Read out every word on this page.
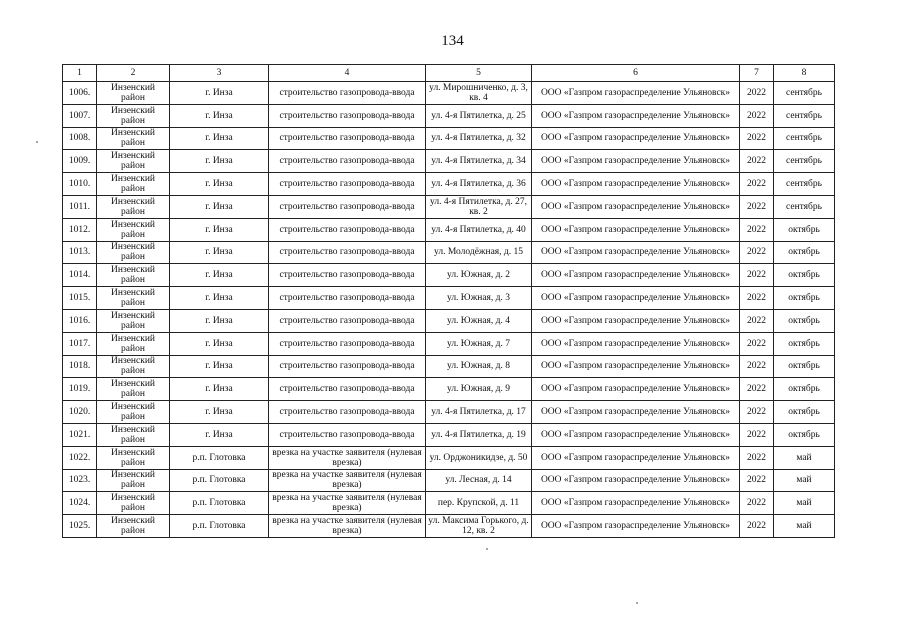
134
1	2	3	4	5	6	7	8
1006.	Инзенский район	г. Инза	строительство газопровода-ввода	ул. Мирошниченко, д. 3, кв. 4	ООО «Газпром газораспределение Ульяновск»	2022	сентябрь
1007.	Инзенский район	г. Инза	строительство газопровода-ввода	ул. 4-я Пятилетка, д. 25	ООО «Газпром газораспределение Ульяновск»	2022	сентябрь
1008.	Инзенский район	г. Инза	строительство газопровода-ввода	ул. 4-я Пятилетка, д. 32	ООО «Газпром газораспределение Ульяновск»	2022	сентябрь
1009.	Инзенский район	г. Инза	строительство газопровода-ввода	ул. 4-я Пятилетка, д. 34	ООО «Газпром газораспределение Ульяновск»	2022	сентябрь
1010.	Инзенский район	г. Инза	строительство газопровода-ввода	ул. 4-я Пятилетка, д. 36	ООО «Газпром газораспределение Ульяновск»	2022	сентябрь
1011.	Инзенский район	г. Инза	строительство газопровода-ввода	ул. 4-я Пятилетка, д. 27, кв. 2	ООО «Газпром газораспределение Ульяновск»	2022	сентябрь
1012.	Инзенский район	г. Инза	строительство газопровода-ввода	ул. 4-я Пятилетка, д. 40	ООО «Газпром газораспределение Ульяновск»	2022	октябрь
1013.	Инзенский район	г. Инза	строительство газопровода-ввода	ул. Молодёжная, д. 15	ООО «Газпром газораспределение Ульяновск»	2022	октябрь
1014.	Инзенский район	г. Инза	строительство газопровода-ввода	ул. Южная, д. 2	ООО «Газпром газораспределение Ульяновск»	2022	октябрь
1015.	Инзенский район	г. Инза	строительство газопровода-ввода	ул. Южная, д. 3	ООО «Газпром газораспределение Ульяновск»	2022	октябрь
1016.	Инзенский район	г. Инза	строительство газопровода-ввода	ул. Южная, д. 4	ООО «Газпром газораспределение Ульяновск»	2022	октябрь
1017.	Инзенский район	г. Инза	строительство газопровода-ввода	ул. Южная, д. 7	ООО «Газпром газораспределение Ульяновск»	2022	октябрь
1018.	Инзенский район	г. Инза	строительство газопровода-ввода	ул. Южная, д. 8	ООО «Газпром газораспределение Ульяновск»	2022	октябрь
1019.	Инзенский район	г. Инза	строительство газопровода-ввода	ул. Южная, д. 9	ООО «Газпром газораспределение Ульяновск»	2022	октябрь
1020.	Инзенский район	г. Инза	строительство газопровода-ввода	ул. 4-я Пятилетка, д. 17	ООО «Газпром газораспределение Ульяновск»	2022	октябрь
1021.	Инзенский район	г. Инза	строительство газопровода-ввода	ул. 4-я Пятилетка, д. 19	ООО «Газпром газораспределение Ульяновск»	2022	октябрь
1022.	Инзенский район	р.п. Глотовка	врезка на участке заявителя (нулевая врезка)	ул. Орджоникидзе, д. 50	ООО «Газпром газораспределение Ульяновск»	2022	май
1023.	Инзенский район	р.п. Глотовка	врезка на участке заявителя (нулевая врезка)	ул. Лесная, д. 14	ООО «Газпром газораспределение Ульяновск»	2022	май
1024.	Инзенский район	р.п. Глотовка	врезка на участке заявителя (нулевая врезка)	пер. Крупской, д. 11	ООО «Газпром газораспределение Ульяновск»	2022	май
1025.	Инзенский район	р.п. Глотовка	врезка на участке заявителя (нулевая врезка)	ул. Максима Горького, д. 12, кв. 2	ООО «Газпром газораспределение Ульяновск»	2022	май
